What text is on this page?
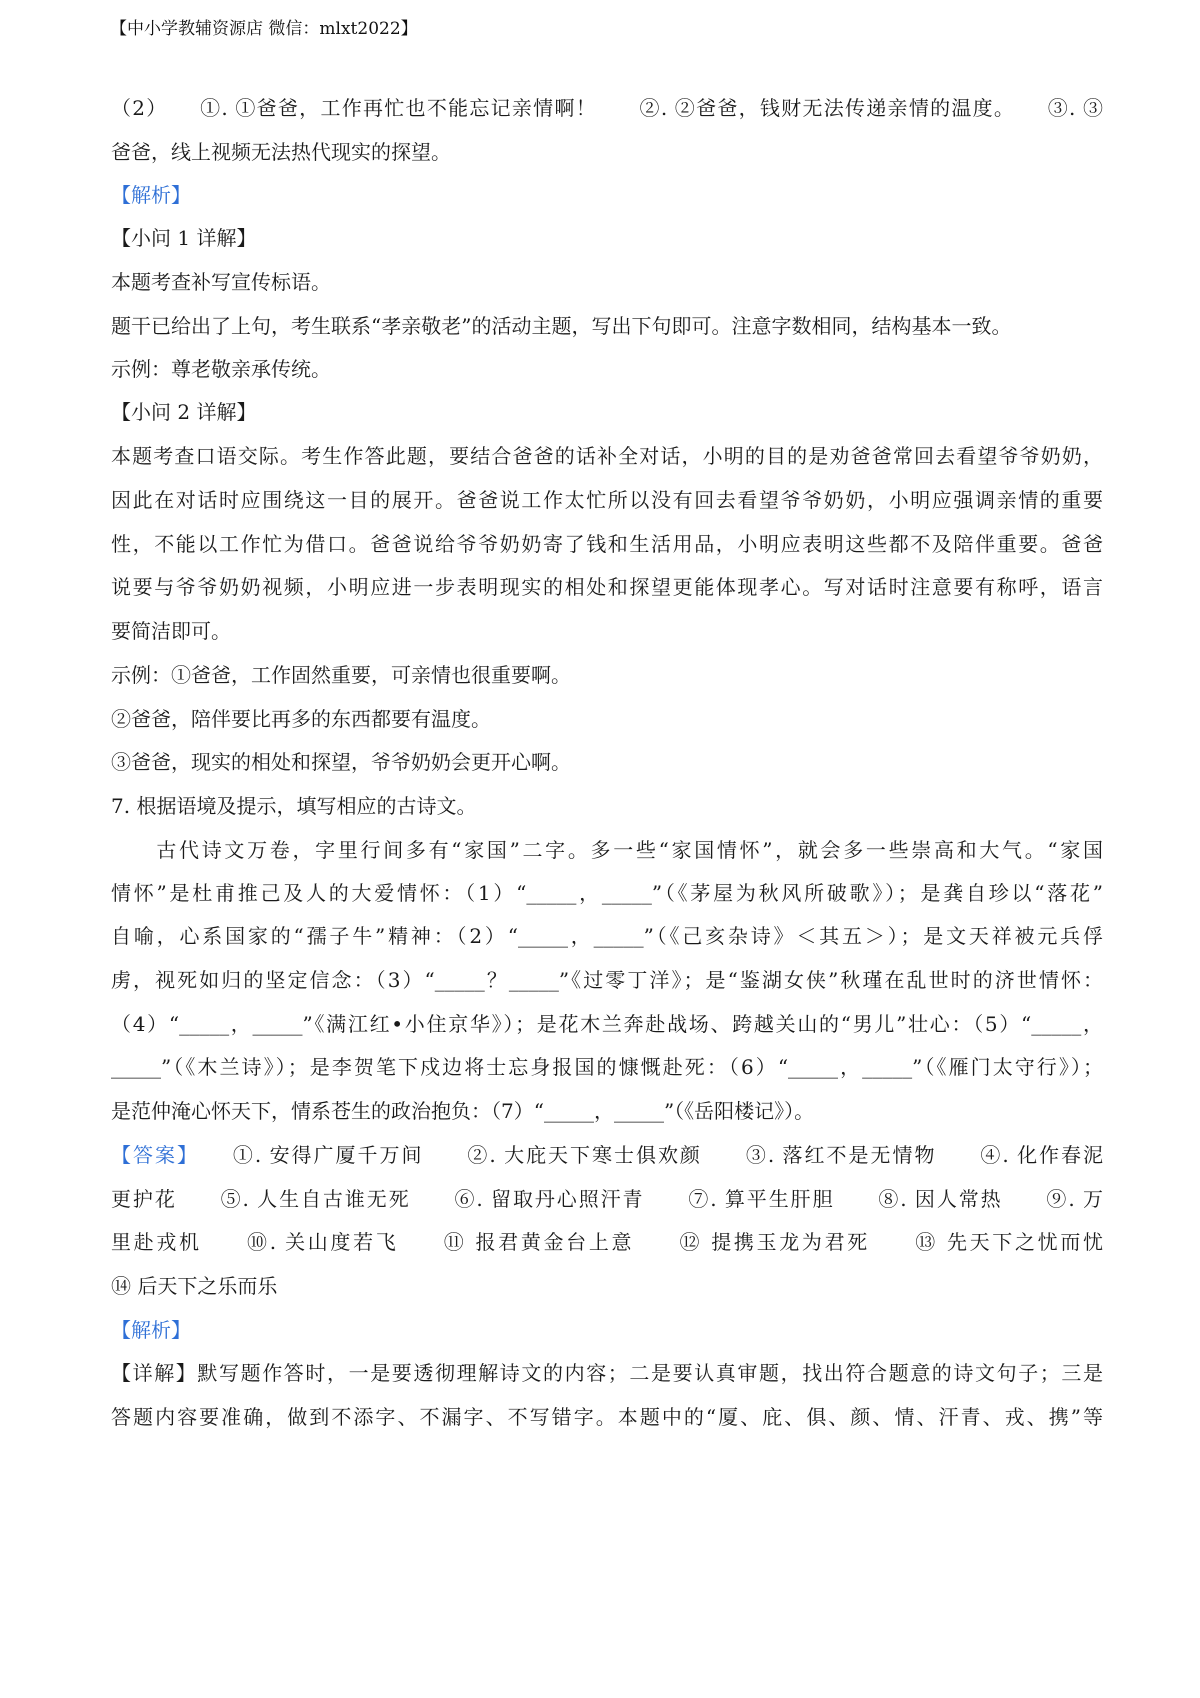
【中小学教辅资源店 微信：mlxt2022】
（2）　　①. ①爸爸，工作再忙也不能忘记亲情啊！　　②. ②爸爸，钱财无法传递亲情的温度。　　③. ③
爸爸，线上视频无法热代现实的探望。
【解析】
【小问 1 详解】
本题考查补写宣传标语。
题干已给出了上句，考生联系“孝亲敬老”的活动主题，写出下句即可。注意字数相同，结构基本一致。
示例：尊老敬亲承传统。
【小问 2 详解】
本题考查口语交际。考生作答此题，要结合爸爸的话补全对话，小明的目的是劝爸爸常回去看望爷爷奶奶，
因此在对话时应围绕这一目的展开。爸爸说工作太忙所以没有回去看望爷爷奶奶，小明应强调亲情的重要
性，不能以工作忙为借口。爸爸说给爷爷奶奶寄了钱和生活用品，小明应表明这些都不及陪伴重要。爸爸
说要与爷爷奶奶视频，小明应进一步表明现实的相处和探望更能体现孝心。写对话时注意要有称呼，语言
要简洁即可。
示例：①爸爸，工作固然重要，可亲情也很重要啊。
②爸爸，陪伴要比再多的东西都要有温度。
③爸爸，现实的相处和探望，爷爷奶奶会更开心啊。
7. 根据语境及提示，填写相应的古诗文。
　　古代诗文万卷，字里行间多有“家国”二字。多一些“家国情怀”，就会多一些崇高和大气。“家国
情怀”是杜甫推己及人的大爱情怀：（1）“_____，_____”（《茅屋为秋风所破歌》）；是龚自珍以“落花”
自喻，心系国家的“孺子牛”精神：（2）“_____，_____”（《己亥杂诗》＜其五＞）；是文天祥被元兵俘
虏，视死如归的坚定信念：（3）“_____？_____”《过零丁洋》；是“鉴湖女侠”秋瑾在乱世时的济世情怀：
（4）“_____，_____”《满江红•小住京华》）；是花木兰奔赴战场、跨越关山的“男儿”壮心：（5）“_____，
_____”（《木兰诗》）；是李贺笔下戍边将士忘身报国的慷慨赴死：（6）“_____，_____”（《雁门太守行》）；
是范仲淹心怀天下，情系苍生的政治抱负：（7）“_____，_____”（《岳阳楼记》）。
【答案】　　①. 安得广厦千万间　　②. 大庇天下寒士俱欢颜　　③. 落红不是无情物　　④. 化作春泥
更护花　　⑤. 人生自古谁无死　　⑥. 留取丹心照汗青　　⑦. 算平生肝胆　　⑧. 因人常热　　⑨. 万
里赴戎机　　⑩. 关山度若飞　　⑪ 报君黄金台上意　　⑫ 提携玉龙为君死　　⑬ 先天下之忧而忧
⑭ 后天下之乐而乐
【解析】
【详解】默写题作答时，一是要透彻理解诗文的内容；二是要认真审题，找出符合题意的诗文句子；三是
答题内容要准确，做到不添字、不漏字、不写错字。本题中的“厦、庇、俱、颜、情、汗青、戎、携”等
